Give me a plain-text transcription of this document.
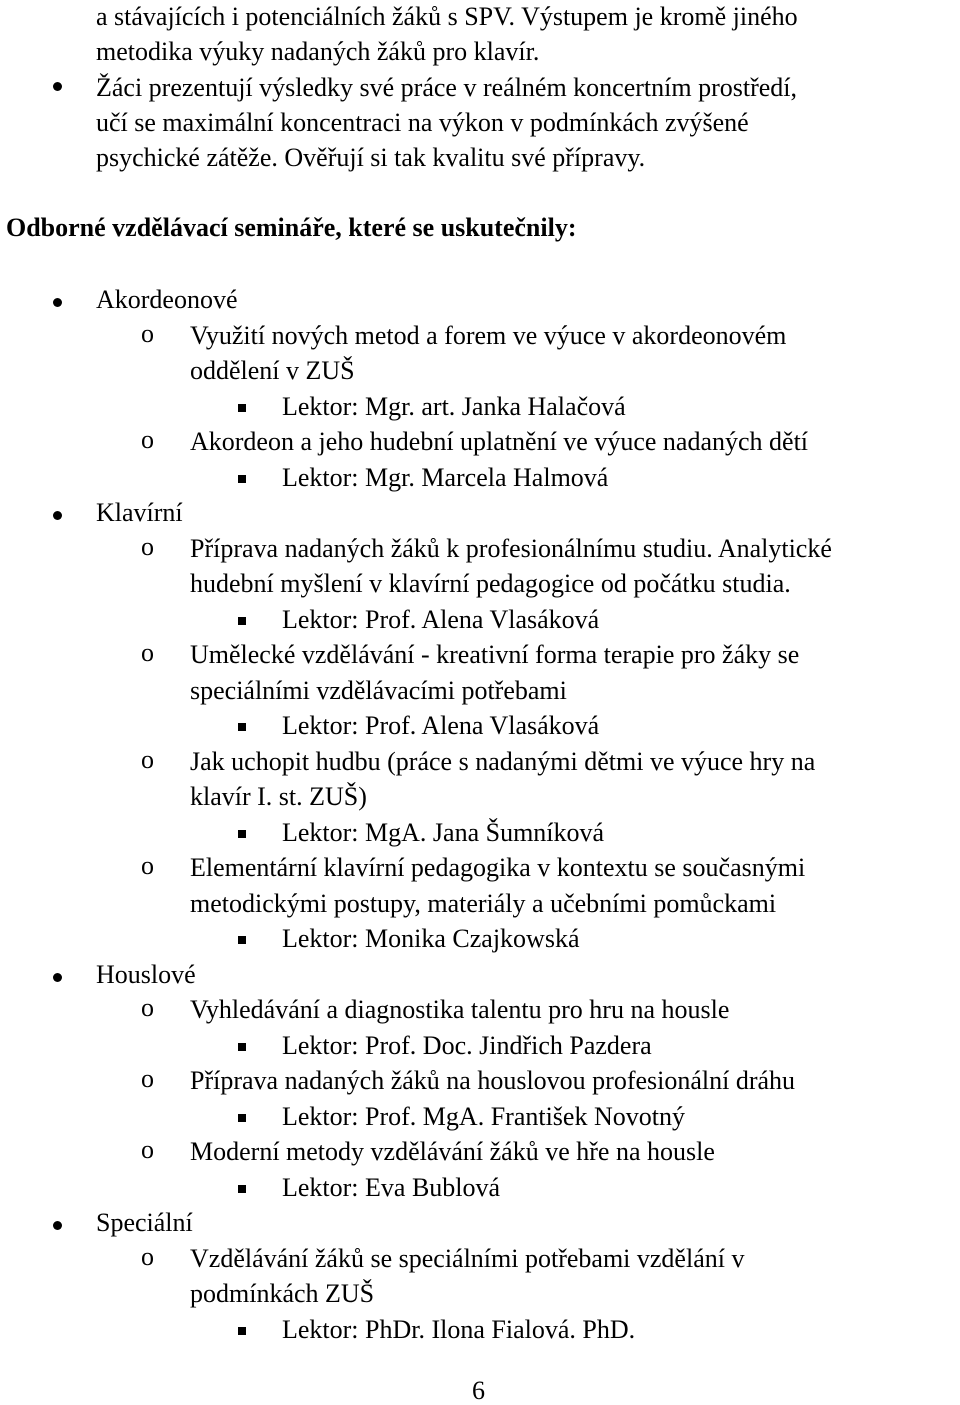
a stávajících i potenciálních žáků s SPV. Výstupem je kromě jiného
metodika výuky nadaných žáků pro klavír.
Žáci prezentují výsledky své práce v reálném koncertním prostředí,
učí se maximální koncentraci na výkon v podmínkách zvýšené
psychické zátěže. Ověřují si tak kvalitu své přípravy.
Odborné vzdělávací semináře, které se uskutečnily:
Akordeonové
o Využití nových metod a forem ve výuce v akordeonovém
oddělení v ZUŠ
Lektor: Mgr. art. Janka Halačová
o Akordeon a jeho hudební uplatnění ve výuce nadaných dětí
Lektor: Mgr. Marcela Halmová
Klavírní
o Příprava nadaných žáků k profesionálnímu studiu. Analytické
hudební myšlení v klavírní pedagogice od počátku studia.
Lektor: Prof. Alena Vlasáková
o Umělecké vzdělávání - kreativní forma terapie pro žáky se
speciálními vzdělávacími potřebami
Lektor: Prof. Alena Vlasáková
o Jak uchopit hudbu (práce s nadanými dětmi ve výuce hry na
klavír I. st. ZUŠ)
Lektor: MgA. Jana Šumníková
o Elementární klavírní pedagogika v kontextu se současnými
metodickými postupy, materiály a učebními pomůckami
Lektor: Monika Czajkowská
Houslové
o Vyhledávání a diagnostika talentu pro hru na housle
Lektor: Prof. Doc. Jindřich Pazdera
o Příprava nadaných žáků na houslovou profesionální dráhu
Lektor: Prof. MgA. František Novotný
o Moderní metody vzdělávání žáků ve hře na housle
Lektor: Eva Bublová
Speciální
o Vzdělávání žáků se speciálními potřebami vzdělání v
podmínkách ZUŠ
Lektor: PhDr. Ilona Fialová. PhD.
6
